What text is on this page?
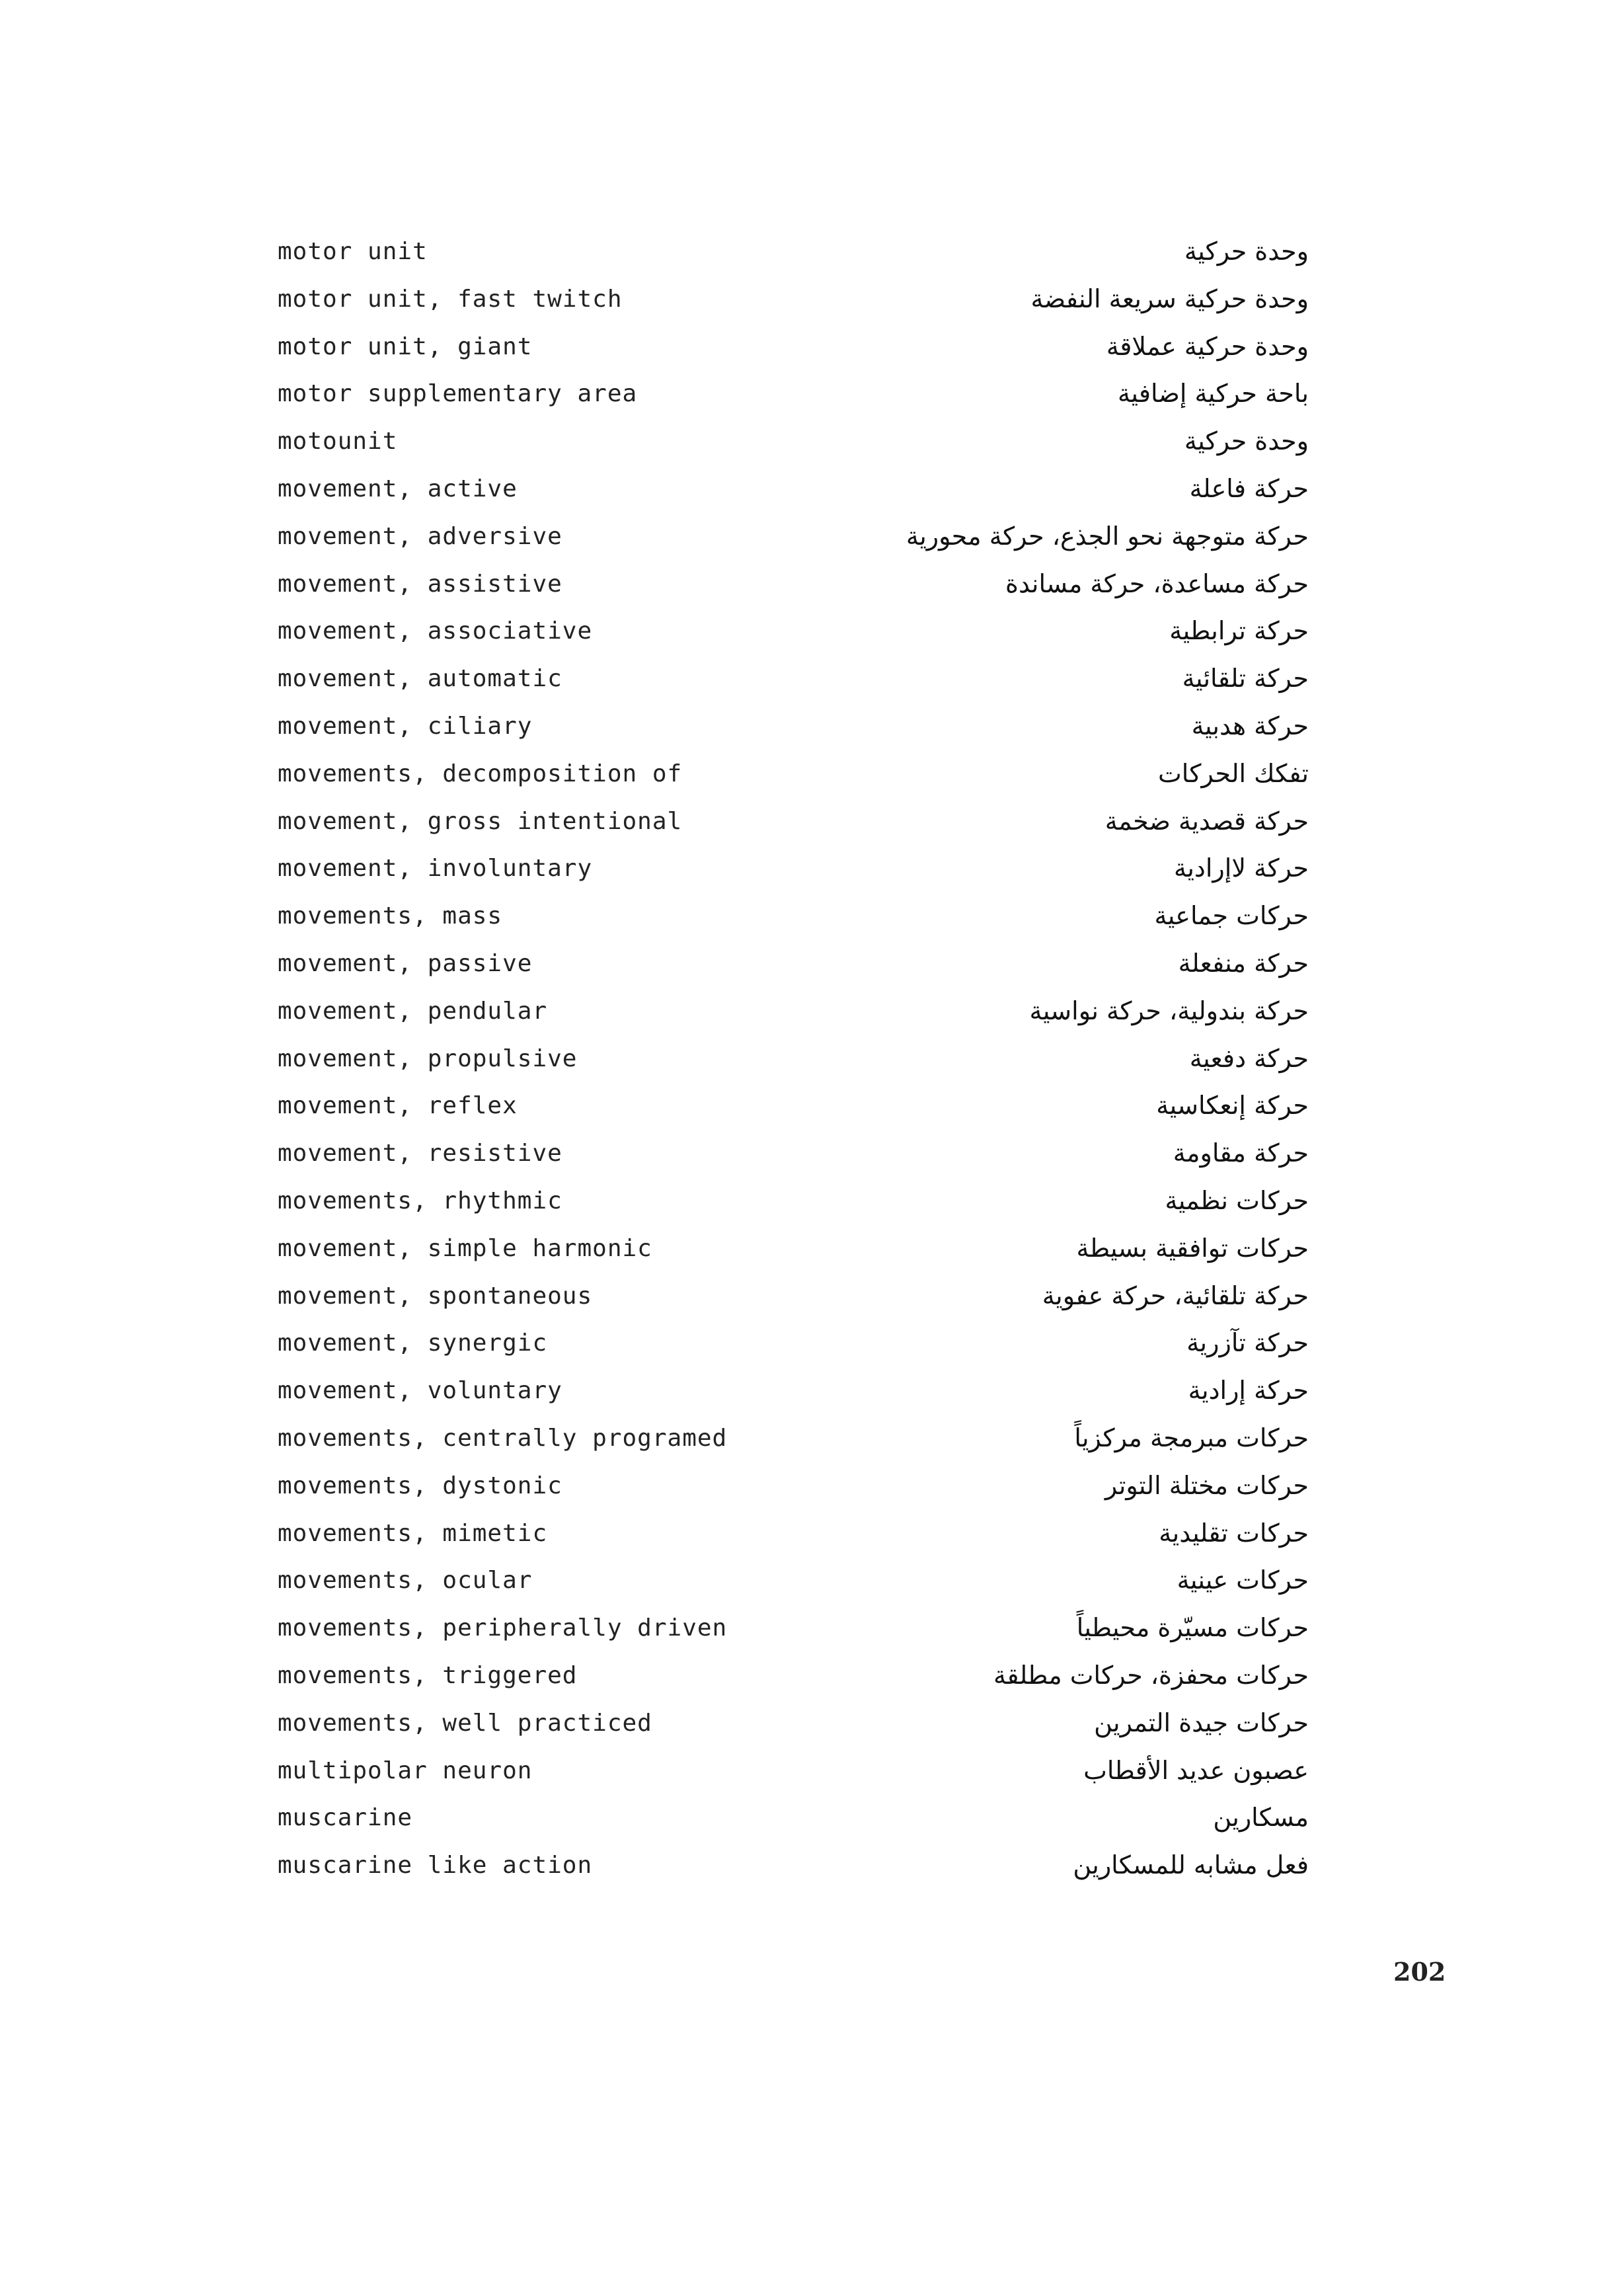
motor unit	وحدة حركية
motor unit, fast twitch	وحدة حركية سريعة النفضة
motor unit, giant	وحدة حركية عملاقة
motor supplementary area	باحة حركية إضافية
motounit	وحدة حركية
movement, active	حركة فاعلة
movement, adversive	حركة متوجهة نحو الجذع، حركة محورية
movement, assistive	حركة مساعدة، حركة مساندة
movement, associative	حركة ترابطية
movement, automatic	حركة تلقائية
movement, ciliary	حركة هدبية
movements, decomposition of	تفكك الحركات
movement, gross intentional	حركة قصدية ضخمة
movement, involuntary	حركة لاإرادية
movements, mass	حركات جماعية
movement, passive	حركة منفعلة
movement, pendular	حركة بندولية، حركة نواسية
movement, propulsive	حركة دفعية
movement, reflex	حركة إنعكاسية
movement, resistive	حركة مقاومة
movements, rhythmic	حركات نظمية
movement, simple harmonic	حركات توافقية بسيطة
movement, spontaneous	حركة تلقائية، حركة عفوية
movement, synergic	حركة تآزرية
movement, voluntary	حركة إرادية
movements, centrally programed	حركات مبرمجة مركزياً
movements, dystonic	حركات مختلة التوتر
movements, mimetic	حركات تقليدية
movements, ocular	حركات عينية
movements, peripherally driven	حركات مسيّرة محيطياً
movements, triggered	حركات محفزة، حركات مطلقة
movements, well practiced	حركات جيدة التمرين
multipolar neuron	عصبون عديد الأقطاب
muscarine	مسكارين
muscarine like action	فعل مشابه للمسكارين
202
